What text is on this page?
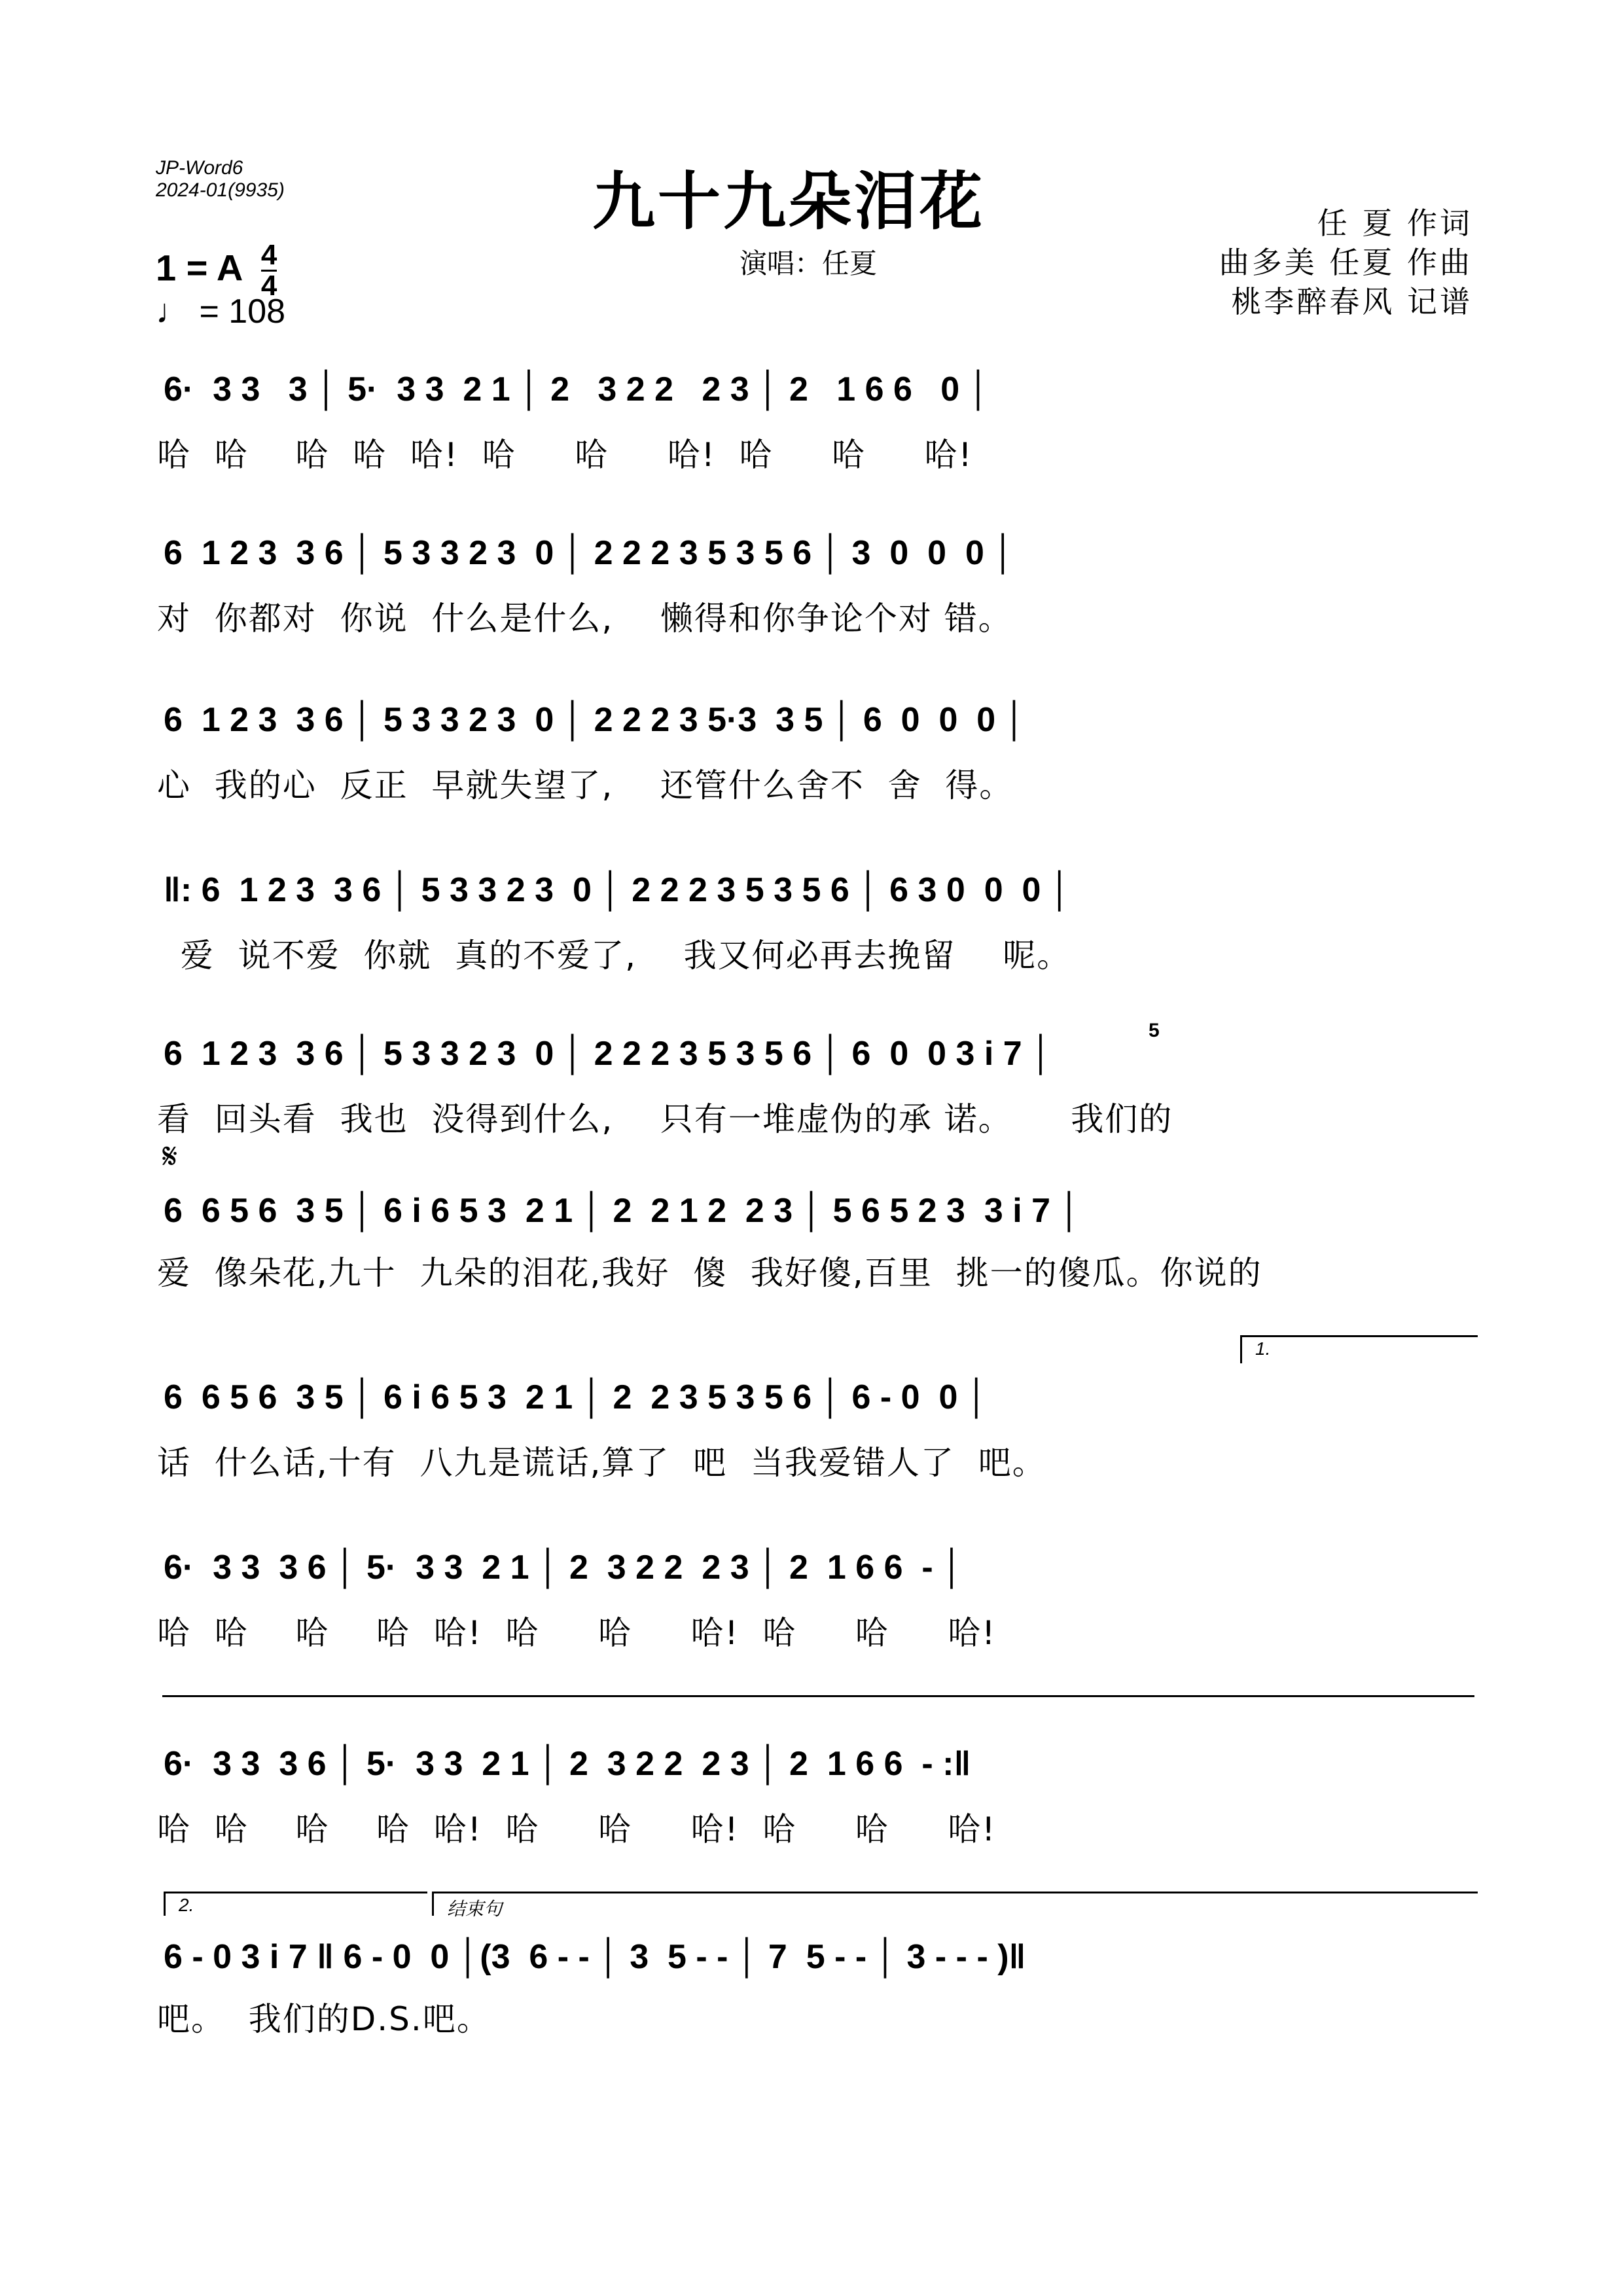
JP-Word6
2024-01(9935)	九十九朵泪花
演唱：任夏
任 夏 作词
曲多美 任夏 作曲
桃李醉春风 记谱
1 = A $\frac{4}{4}$
♩ = 108
6·  3 3   3 │ 5·  3 3  2 1 │ 2   3 2 2   2 3 │ 2   1 6 6   0 │
哈  哈    哈  哈  哈!  哈     哈     哈!  哈     哈     哈!
6  1 2 3  3 6 │ 5 3 3 2 3  0 │ 2 2 2 3 5 3 5 6 │ 3  0  0  0 │
对  你都对  你说  什么是什么,    懒得和你争论个对 错。
6  1 2 3  3 6 │ 5 3 3 2 3  0 │ 2 2 2 3 5·3  3 5 │ 6  0  0  0 │
心  我的心  反正  早就失望了,    还管什么舍不  舍  得。
‖: 6  1 2 3  3 6 │ 5 3 3 2 3  0 │ 2 2 2 3 5 3 5 6 │ 6 3 0  0  0 │
爱  说不爱  你就  真的不爱了,    我又何必再去挽留    呢。
5
6  1 2 3  3 6 │ 5 3 3 2 3  0 │ 2 2 2 3 5 3 5 6 │ 6  0  0 3 i 7 │
看  回头看  我也  没得到什么,    只有一堆虚伪的承 诺。     我们的
𝄋
6  6 5 6  3 5 │ 6 i 6 5 3  2 1 │ 2  2 1 2  2 3 │ 5 6 5 2 3  3 i 7 │
爱  像朵花,九十  九朵的泪花,我好  傻  我好傻,百里  挑一的傻瓜。你说的
1.
6  6 5 6  3 5 │ 6 i 6 5 3  2 1 │ 2  2 3 5 3 5 6 │ 6 - 0  0 │
话  什么话,十有  八九是谎话,算了  吧  当我爱错人了  吧。
6·  3 3  3 6 │ 5·  3 3  2 1 │ 2  3 2 2  2 3 │ 2  1 6 6  - │
哈  哈    哈    哈  哈!  哈     哈     哈!  哈     哈     哈!
6·  3 3  3 6 │ 5·  3 3  2 1 │ 2  3 2 2  2 3 │ 2  1 6 6  - :‖
哈  哈    哈    哈  哈!  哈     哈     哈!  哈     哈     哈!
2.	结束句
6 - 0 3 i 7 ‖ 6 - 0  0 │(3  6 - - │ 3  5 - - │ 7  5 - - │ 3 - - - )‖
吧。  我们的D.S.吧。
